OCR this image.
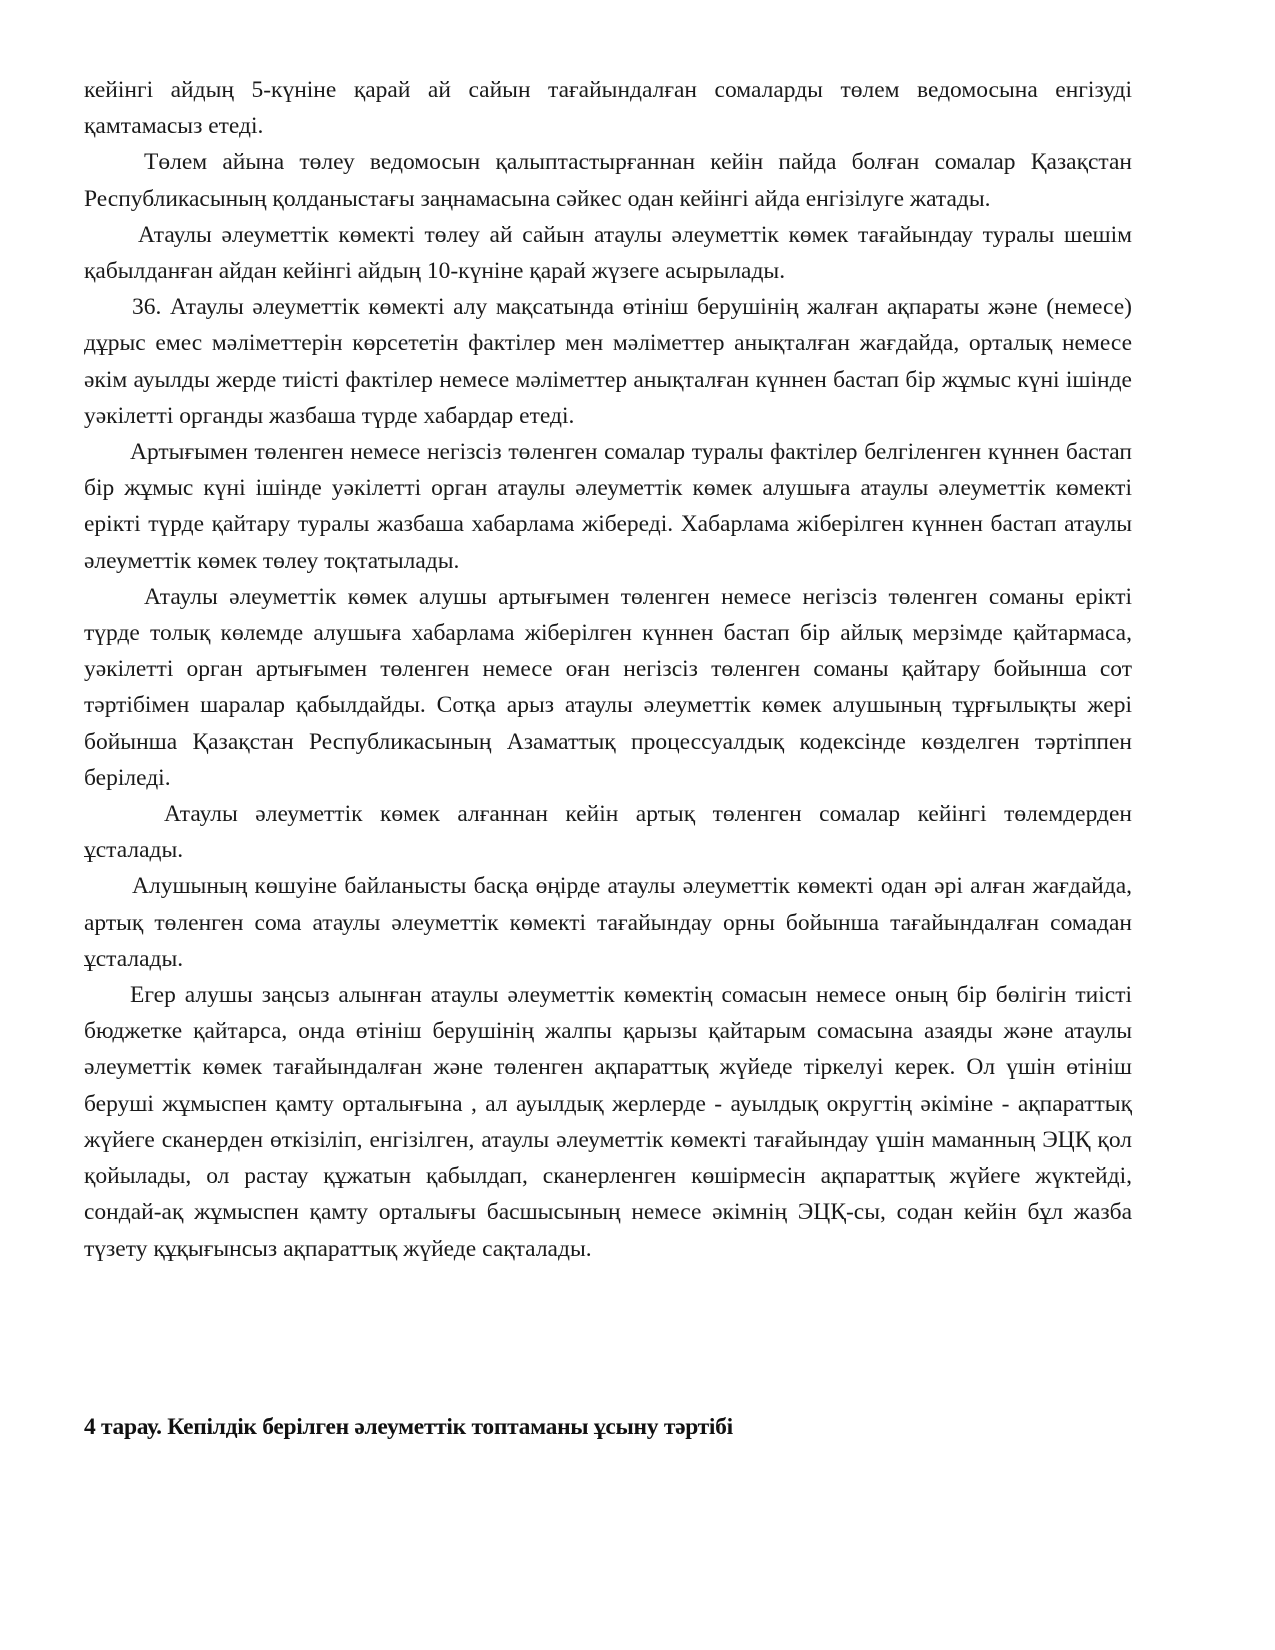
кейінгі айдың 5-күніне қарай ай сайын тағайындалған сомаларды төлем ведомосына енгізуді қамтамасыз етеді.

Төлем айына төлеу ведомосын қалыптастырғаннан кейін пайда болған сомалар Қазақстан Республикасының қолданыстағы заңнамасына сәйкес одан кейінгі айда енгізілуге жатады.

Атаулы әлеуметтік көмекті төлеу ай сайын атаулы әлеуметтік көмек тағайындау туралы шешім қабылданған айдан кейінгі айдың 10-күніне қарай жүзеге асырылады.

36. Атаулы әлеуметтік көмекті алу мақсатында өтініш берушінің жалған ақпараты және (немесе) дұрыс емес мәліметтерін көрсететін фактілер мен мәліметтер анықталған жағдайда, орталық немесе әкім ауылды жерде тиісті фактілер немесе мәліметтер анықталған күннен бастап бір жұмыс күні ішінде уәкілетті органды жазбаша түрде хабардар етеді.

Артығымен төленген немесе негізсіз төленген сомалар туралы фактілер белгіленген күннен бастап бір жұмыс күні ішінде уәкілетті орган атаулы әлеуметтік көмек алушыға атаулы әлеуметтік көмекті ерікті түрде қайтару туралы жазбаша хабарлама жібереді. Хабарлама жіберілген күннен бастап атаулы әлеуметтік көмек төлеу тоқтатылады.

Атаулы әлеуметтік көмек алушы артығымен төленген немесе негізсіз төленген соманы ерікті түрде толық көлемде алушыға хабарлама жіберілген күннен бастап бір айлық мерзімде қайтармаса, уәкілетті орган артығымен төленген немесе оған негізсіз төленген соманы қайтару бойынша сот тәртібімен шаралар қабылдайды. Сотқа арыз атаулы әлеуметтік көмек алушының тұрғылықты жері бойынша Қазақстан Республикасының Азаматтық процессуалдық кодексінде көзделген тәртіппен беріледі.

Атаулы әлеуметтік көмек алғаннан кейін артық төленген сомалар кейінгі төлемдерден ұсталады.

Алушының көшуіне байланысты басқа өңірде атаулы әлеуметтік көмекті одан әрі алған жағдайда, артық төленген сома атаулы әлеуметтік көмекті тағайындау орны бойынша тағайындалған сомадан ұсталады.

Егер алушы заңсыз алынған атаулы әлеуметтік көмектің сомасын немесе оның бір бөлігін тиісті бюджетке қайтарса, онда өтініш берушінің жалпы қарызы қайтарым сомасына азаяды және атаулы әлеуметтік көмек тағайындалған және төленген ақпараттық жүйеде тіркелуі керек. Ол үшін өтініш беруші жұмыспен қамту орталығына , ал ауылдық жерлерде - ауылдық округтің әкіміне - ақпараттық жүйеге сканерден өткізіліп, енгізілген, атаулы әлеуметтік көмекті тағайындау үшін маманның ЭЦҚ қол қойылады, ол растау құжатын қабылдап, сканерленген көшірмесін ақпараттық жүйеге жүктейді, сондай-ақ жұмыспен қамту орталығы басшысының немесе әкімнің ЭЦҚ-сы, содан кейін бұл жазба түзету құқығынсыз ақпараттық жүйеде сақталады.

4 тарау. Кепілдік берілген әлеуметтік топтаманы ұсыну тәртібі
